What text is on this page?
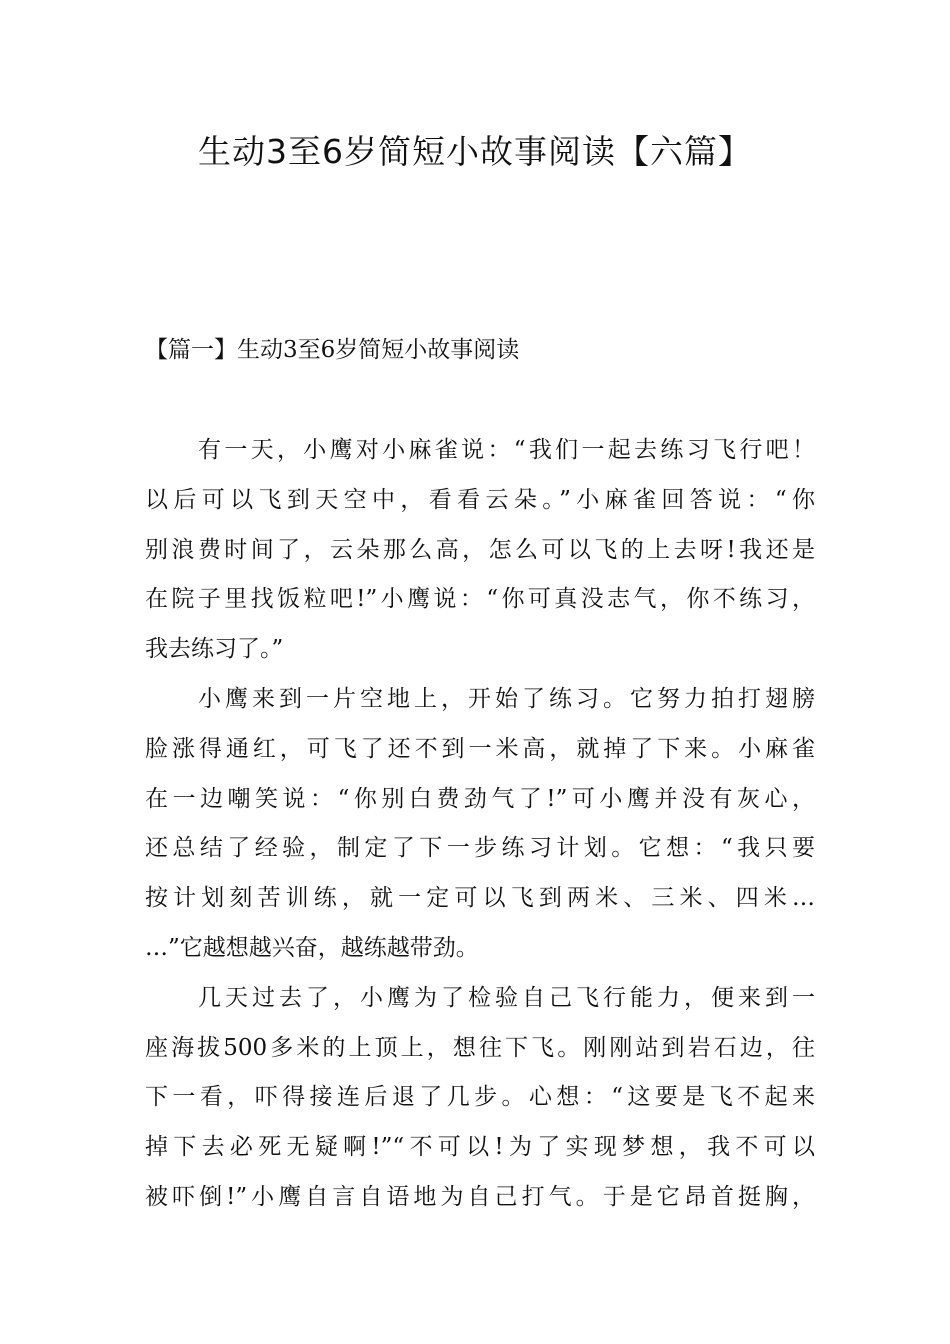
生动3至6岁简短小故事阅读【六篇】
【篇一】生动3至6岁简短小故事阅读

有一天，小鹰对小麻雀说：“我们一起去练习飞行吧！
以后可以飞到天空中，看看云朵。”小麻雀回答说：“你
别浪费时间了，云朵那么高，怎么可以飞的上去呀!我还是
在院子里找饭粒吧!”小鹰说：“你可真没志气，你不练习，
我去练习了。”

小鹰来到一片空地上，开始了练习。它努力拍打翅膀
脸涨得通红，可飞了还不到一米高，就掉了下来。小麻雀
在一边嘲笑说：“你别白费劲气了!”可小鹰并没有灰心，
还总结了经验，制定了下一步练习计划。它想：“我只要
按计划刻苦训练，就一定可以飞到两米、三米、四米…
…”它越想越兴奋，越练越带劲。

几天过去了，小鹰为了检验自己飞行能力，便来到一
座海拔500多米的上顶上，想往下飞。刚刚站到岩石边，往
下一看，吓得接连后退了几步。心想：“这要是飞不起来
掉下去必死无疑啊!”“不可以!为了实现梦想，我不可以
被吓倒!”小鹰自言自语地为自己打气。于是它昂首挺胸，
